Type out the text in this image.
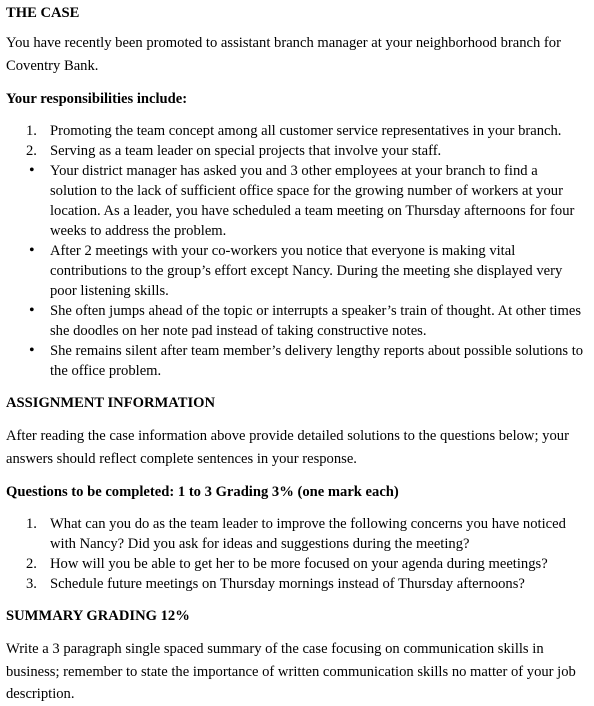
THE CASE

You have recently been promoted to assistant branch manager at your neighborhood branch for Coventry Bank.

Your responsibilities include:
1. Promoting the team concept among all customer service representatives in your branch.
2. Serving as a team leader on special projects that involve your staff.
• Your district manager has asked you and 3 other employees at your branch to find a solution to the lack of sufficient office space for the growing number of workers at your location. As a leader, you have scheduled a team meeting on Thursday afternoons for four weeks to address the problem.
• After 2 meetings with your co-workers you notice that everyone is making vital contributions to the group’s effort except Nancy. During the meeting she displayed very poor listening skills.
• She often jumps ahead of the topic or interrupts a speaker’s train of thought. At other times she doodles on her note pad instead of taking constructive notes.
• She remains silent after team member’s delivery lengthy reports about possible solutions to the office problem.
ASSIGNMENT INFORMATION

After reading the case information above provide detailed solutions to the questions below; your answers should reflect complete sentences in your response.

Questions to be completed: 1 to 3 Grading 3% (one mark each)
1. What can you do as the team leader to improve the following concerns you have noticed with Nancy? Did you ask for ideas and suggestions during the meeting?
2. How will you be able to get her to be more focused on your agenda during meetings?
3. Schedule future meetings on Thursday mornings instead of Thursday afternoons?
SUMMARY GRADING 12%

Write a 3 paragraph single spaced summary of the case focusing on communication skills in business; remember to state the importance of written communication skills no matter of your job description.
